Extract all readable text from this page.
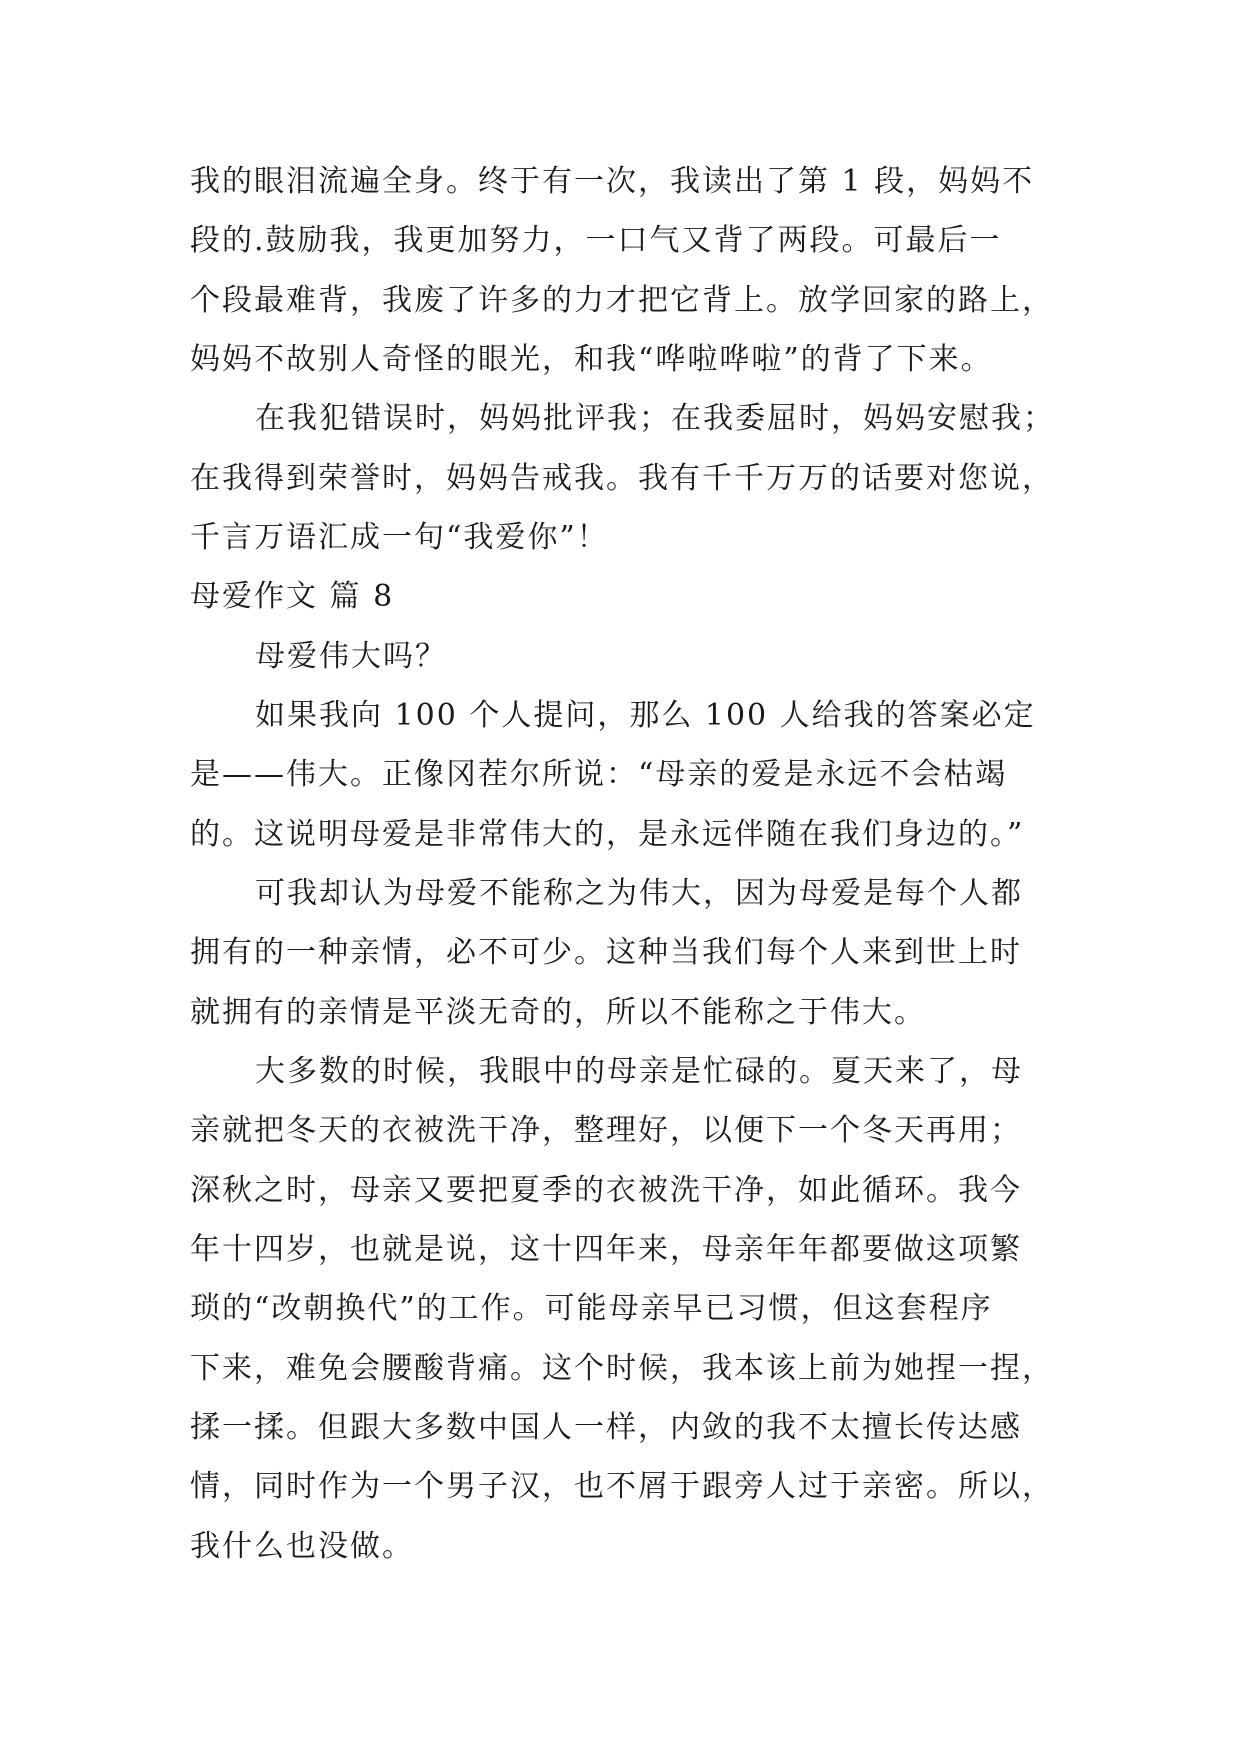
我的眼泪流遍全身。终于有一次，我读出了第 1 段，妈妈不
段的.鼓励我，我更加努力，一口气又背了两段。可最后一
个段最难背，我废了许多的力才把它背上。放学回家的路上，
妈妈不故别人奇怪的眼光，和我“哗啦哗啦”的背了下来。
在我犯错误时，妈妈批评我；在我委屈时，妈妈安慰我；
在我得到荣誉时，妈妈告戒我。我有千千万万的话要对您说，
千言万语汇成一句“我爱你”！
母爱作文 篇 8
母爱伟大吗？
如果我向 100 个人提问，那么 100 人给我的答案必定
是——伟大。正像冈茬尔所说：“母亲的爱是永远不会枯竭
的。这说明母爱是非常伟大的，是永远伴随在我们身边的。”
可我却认为母爱不能称之为伟大，因为母爱是每个人都
拥有的一种亲情，必不可少。这种当我们每个人来到世上时
就拥有的亲情是平淡无奇的，所以不能称之于伟大。
大多数的时候，我眼中的母亲是忙碌的。夏天来了，母
亲就把冬天的衣被洗干净，整理好，以便下一个冬天再用；
深秋之时，母亲又要把夏季的衣被洗干净，如此循环。我今
年十四岁，也就是说，这十四年来，母亲年年都要做这项繁
琐的“改朝换代”的工作。可能母亲早已习惯，但这套程序
下来，难免会腰酸背痛。这个时候，我本该上前为她捏一捏，
揉一揉。但跟大多数中国人一样，内敛的我不太擅长传达感
情，同时作为一个男子汉，也不屑于跟旁人过于亲密。所以，
我什么也没做。
